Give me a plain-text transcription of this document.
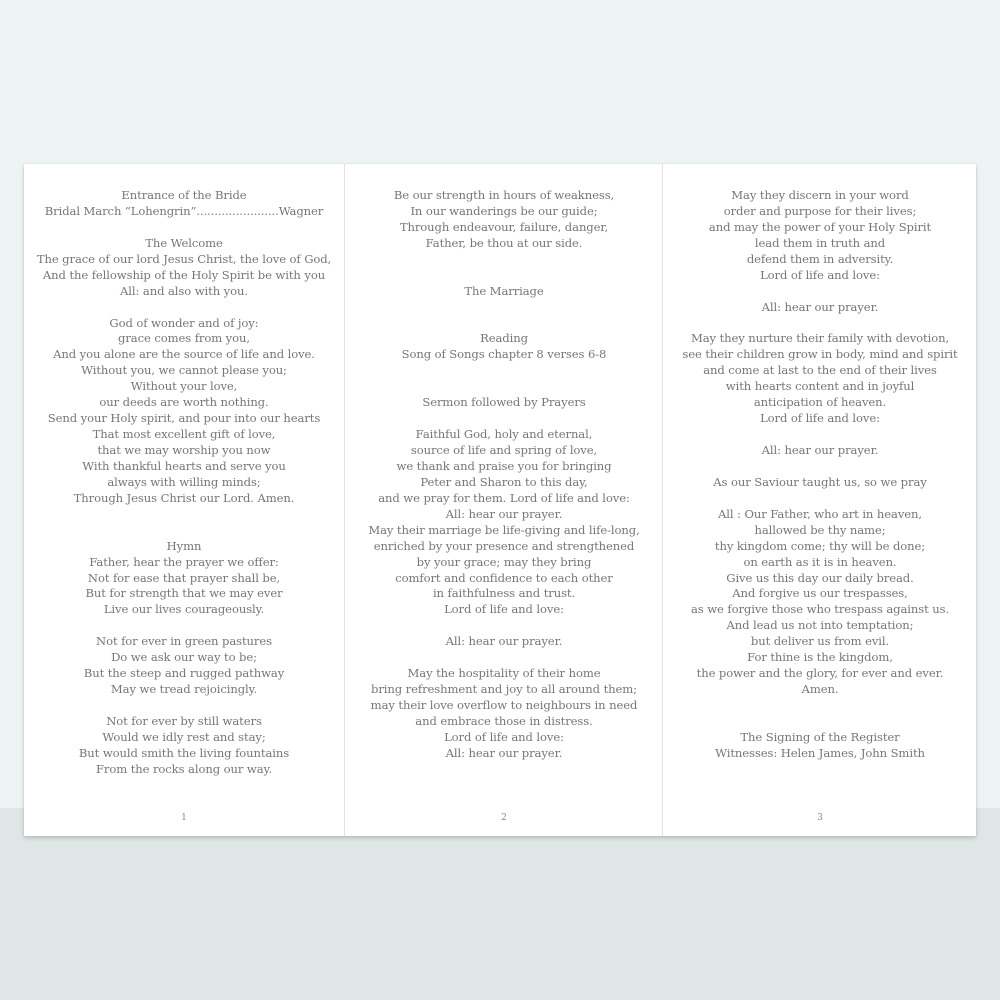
Entrance of the Bride
Bridal March “Lohengrin”.......................Wagner
The Welcome
The grace of our lord Jesus Christ, the love of God,
And the fellowship of the Holy Spirit be with you
All: and also with you.
God of wonder and of joy:
grace comes from you,
And you alone are the source of life and love.
Without you, we cannot please you;
Without your love,
our deeds are worth nothing.
Send your Holy spirit, and pour into our hearts
That most excellent gift of love,
that we may worship you now
With thankful hearts and serve you
always with willing minds;
Through Jesus Christ our Lord. Amen.
Hymn
Father, hear the prayer we offer:
Not for ease that prayer shall be,
But for strength that we may ever
Live our lives courageously.
Not for ever in green pastures
Do we ask our way to be;
But the steep and rugged pathway
May we tread rejoicingly.
Not for ever by still waters
Would we idly rest and stay;
But would smith the living fountains
From the rocks along our way.
1
Be our strength in hours of weakness,
In our wanderings be our guide;
Through endeavour, failure, danger,
Father, be thou at our side.
The Marriage
Reading
Song of Songs chapter 8 verses 6-8
Sermon followed by Prayers
Faithful God, holy and eternal,
source of life and spring of love,
we thank and praise you for bringing
Peter and Sharon to this day,
and we pray for them. Lord of life and love:
All: hear our prayer.
May their marriage be life-giving and life-long,
enriched by your presence and strengthened
by your grace; may they bring
comfort and confidence to each other
in faithfulness and trust.
Lord of life and love:
All: hear our prayer.
May the hospitality of their home
bring refreshment and joy to all around them;
may their love overflow to neighbours in need
and embrace those in distress.
Lord of life and love:
All: hear our prayer.
2
May they discern in your word
order and purpose for their lives;
and may the power of your Holy Spirit
lead them in truth and
defend them in adversity.
Lord of life and love:
All: hear our prayer.
May they nurture their family with devotion,
see their children grow in body, mind and spirit
and come at last to the end of their lives
with hearts content and in joyful
anticipation of heaven.
Lord of life and love:
All: hear our prayer.
As our Saviour taught us, so we pray
All : Our Father, who art in heaven,
hallowed be thy name;
thy kingdom come; thy will be done;
on earth as it is in heaven.
Give us this day our daily bread.
And forgive us our trespasses,
as we forgive those who trespass against us.
And lead us not into temptation;
but deliver us from evil.
For thine is the kingdom,
the power and the glory, for ever and ever.
Amen.
The Signing of the Register
Witnesses: Helen James, John Smith
3
